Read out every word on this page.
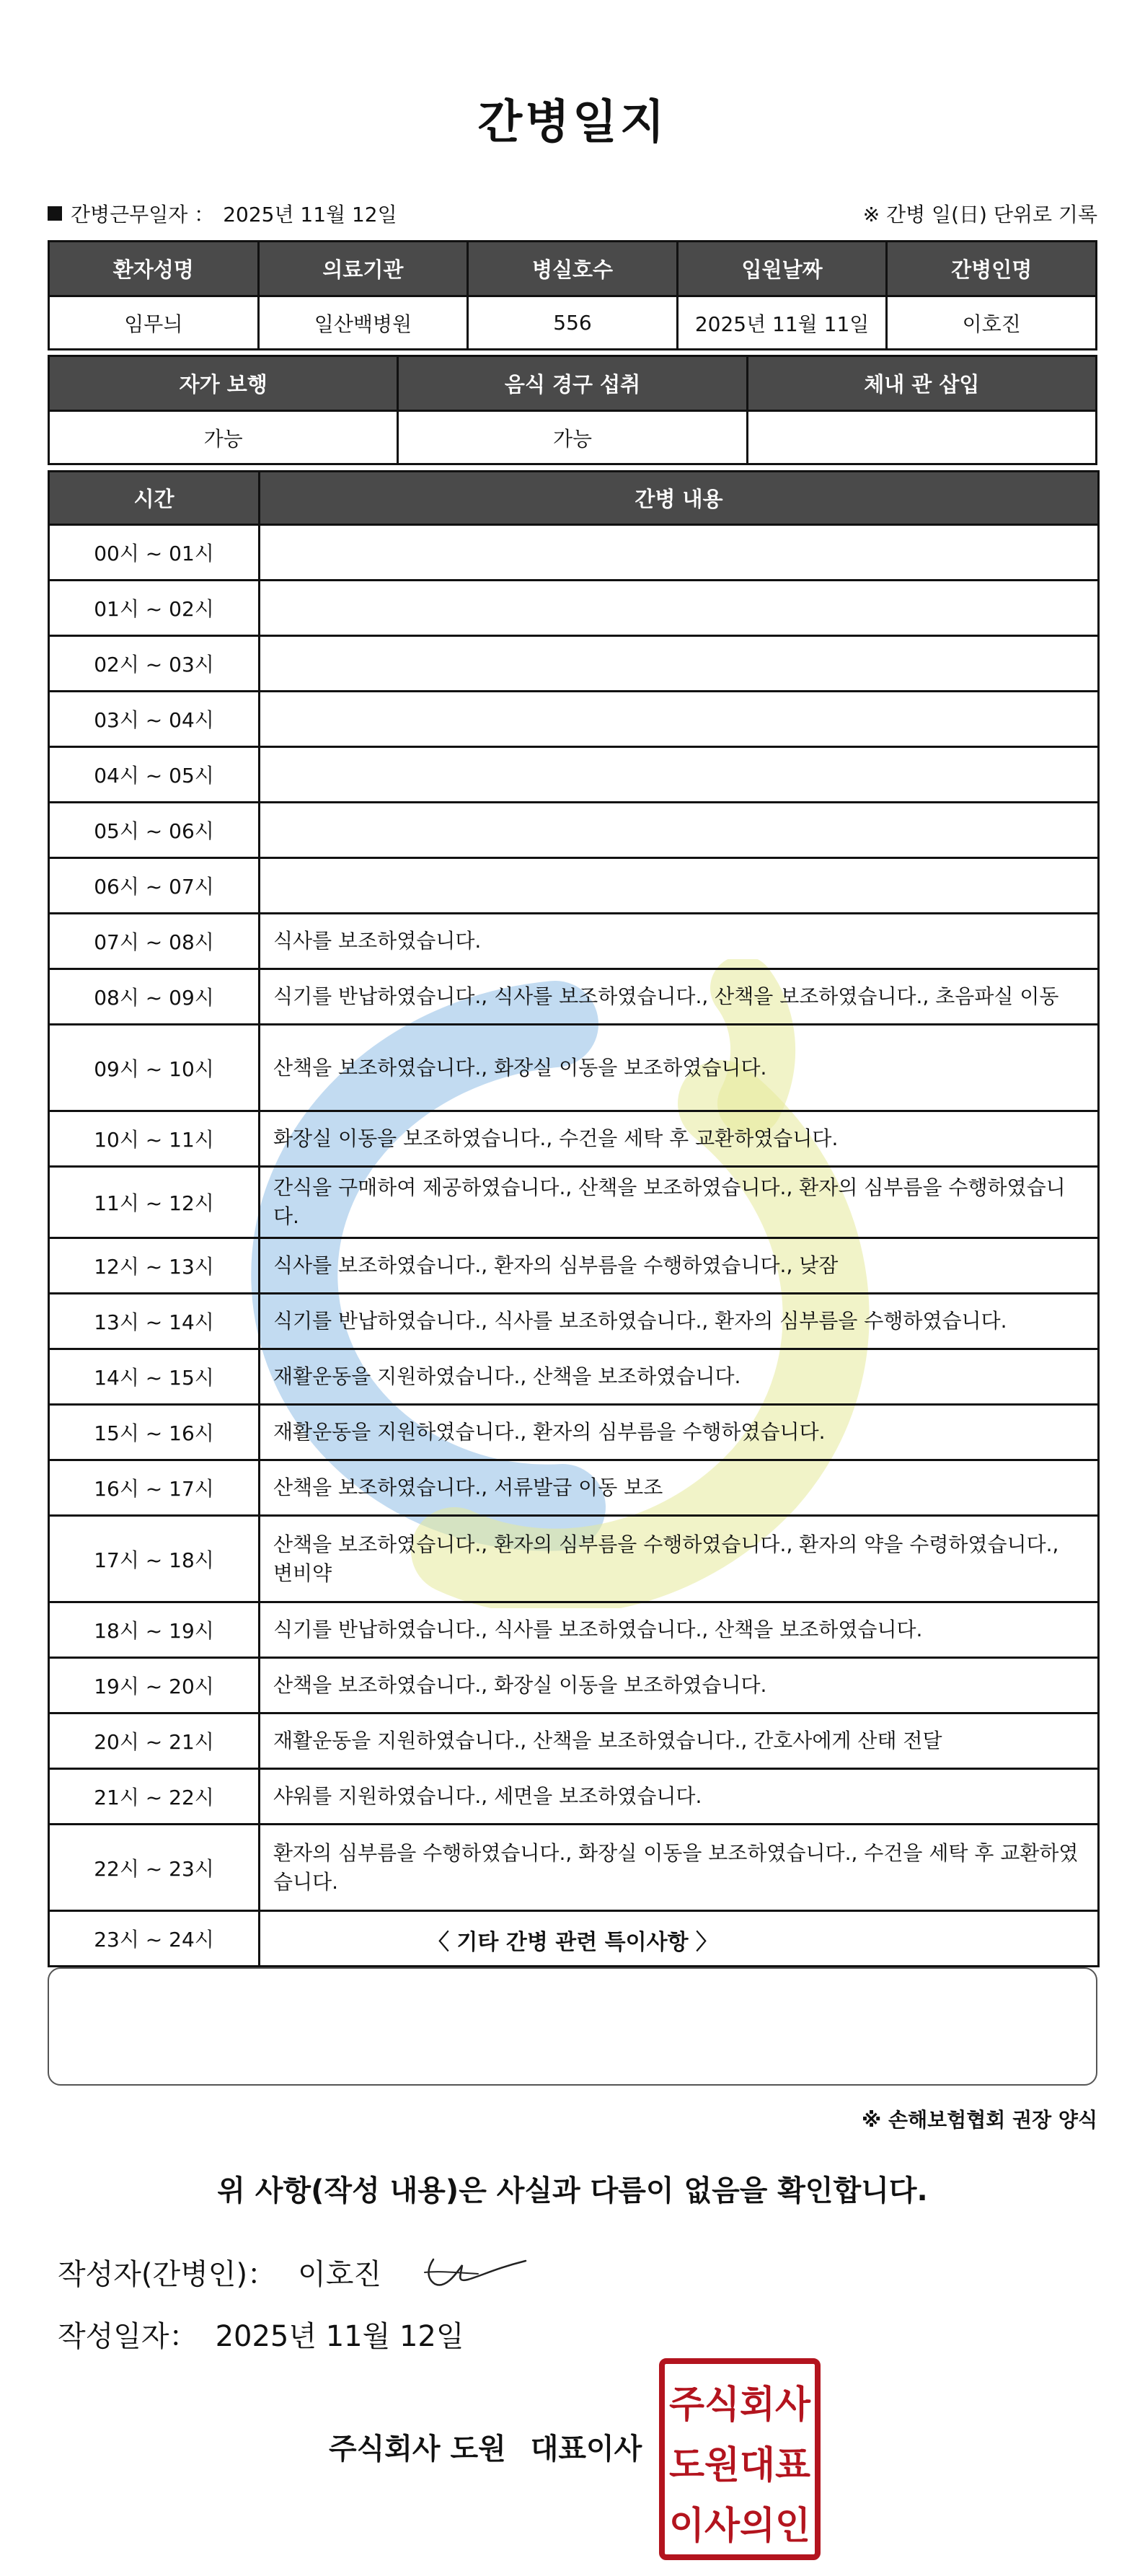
간병일지
간병근무일자 ： 2025년 11월 12일	※ 간병 일(日) 단위로 기록
환자성명	의료기관	병실호수	입원날짜	간병인명
임무늬	일산백병원	556	2025년 11월 11일	이호진
자가 보행	음식 경구 섭취	체내 관 삽입
가능	가능	
시간	간병 내용
00시 ~ 01시	
01시 ~ 02시	
02시 ~ 03시	
03시 ~ 04시	
04시 ~ 05시	
05시 ~ 06시	
06시 ~ 07시	
07시 ~ 08시	식사를 보조하였습니다.
08시 ~ 09시	식기를 반납하였습니다., 식사를 보조하였습니다., 산책을 보조하였습니다., 초음파실 이동
09시 ~ 10시	산책을 보조하였습니다., 화장실 이동을 보조하였습니다.
10시 ~ 11시	화장실 이동을 보조하였습니다., 수건을 세탁 후 교환하였습니다.
11시 ~ 12시	간식을 구매하여 제공하였습니다., 산책을 보조하였습니다., 환자의 심부름을 수행하였습니다.
12시 ~ 13시	식사를 보조하였습니다., 환자의 심부름을 수행하였습니다., 낮잠
13시 ~ 14시	식기를 반납하였습니다., 식사를 보조하였습니다., 환자의 심부름을 수행하였습니다.
14시 ~ 15시	재활운동을 지원하였습니다., 산책을 보조하였습니다.
15시 ~ 16시	재활운동을 지원하였습니다., 환자의 심부름을 수행하였습니다.
16시 ~ 17시	산책을 보조하였습니다., 서류발급 이동 보조
17시 ~ 18시	산책을 보조하였습니다., 환자의 심부름을 수행하였습니다., 환자의 약을 수령하였습니다., 변비약
18시 ~ 19시	식기를 반납하였습니다., 식사를 보조하였습니다., 산책을 보조하였습니다.
19시 ~ 20시	산책을 보조하였습니다., 화장실 이동을 보조하였습니다.
20시 ~ 21시	재활운동을 지원하였습니다., 산책을 보조하였습니다., 간호사에게 산태 전달
21시 ~ 22시	샤워를 지원하였습니다., 세면을 보조하였습니다.
22시 ~ 23시	환자의 심부름을 수행하였습니다., 화장실 이동을 보조하였습니다., 수건을 세탁 후 교환하였습니다.
23시 ~ 24시		〈 기타 간병 관련 특이사항 〉
※ 손해보험협회 권장 양식
위 사항(작성 내용)은 사실과 다름이 없음을 확인합니다.
작성자(간병인)： 이호진
작성일자： 2025년 11월 12일
주식회사 도원 대표이사
주식회사
도원대표
이사의인
